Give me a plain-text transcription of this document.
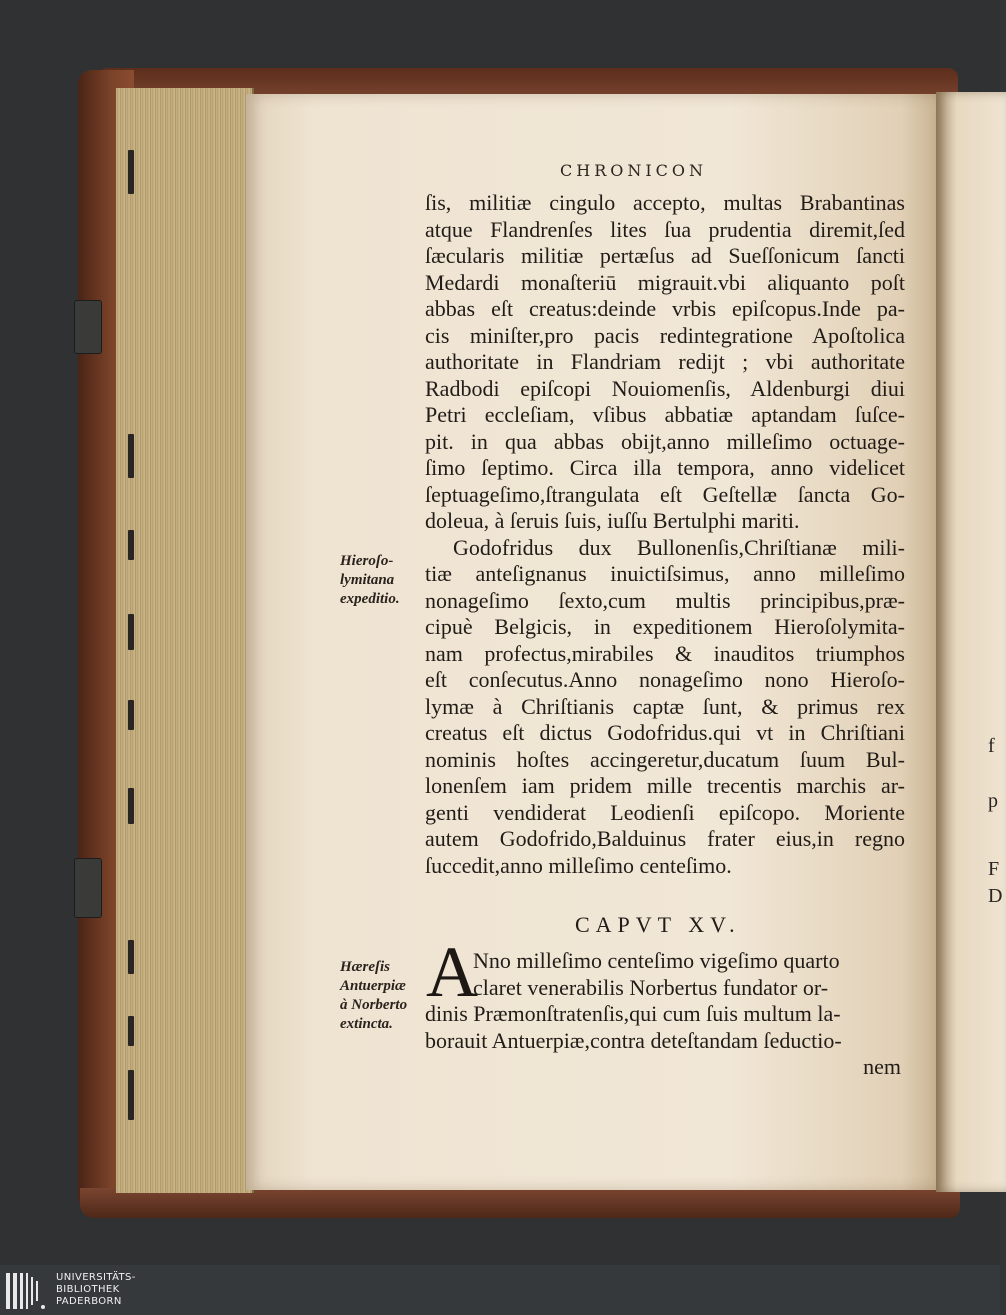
f
p
F
D
CHRONICON
ſis, militiæ cingulo accepto, multas Brabantinas
atque Flandrenſes lites ſua prudentia diremit,ſed
ſæcularis militiæ pertæſus ad Sueſſonicum ſancti
Medardi monaſteriū migrauit.vbi aliquanto poſt
abbas eſt creatus:deinde vrbis epiſcopus.Inde pa-
cis miniſter,pro pacis redintegratione Apoſtolica
authoritate in Flandriam redijt ; vbi authoritate
Radbodi epiſcopi Nouiomenſis, Aldenburgi diui
Petri eccleſiam, vſibus abbatiæ aptandam ſuſce-
pit. in qua abbas obijt,anno milleſimo octuage-
ſimo ſeptimo. Circa illa tempora, anno videlicet
ſeptuageſimo,ſtrangulata eſt Geſtellæ ſancta Go-
doleua, à ſeruis ſuis, iuſſu Bertulphi mariti.
Godofridus dux Bullonenſis,Chriſtianæ mili-
tiæ anteſignanus inuictiſsimus, anno milleſimo
nonageſimo ſexto,cum multis principibus,præ-
cipuè Belgicis, in expeditionem Hieroſolymita-
nam profectus,mirabiles & inauditos triumphos
eſt conſecutus.Anno nonageſimo nono Hieroſo-
lymæ à Chriſtianis captæ ſunt, & primus rex
creatus eſt dictus Godofridus.qui vt in Chriſtiani
nominis hoſtes accingeretur,ducatum ſuum Bul-
lonenſem iam pridem mille trecentis marchis ar-
genti vendiderat Leodienſi epiſcopo. Moriente
autem Godofrido,Balduinus frater eius,in regno
ſuccedit,anno milleſimo centeſimo.
CAPVT XV.
A
Nno milleſimo centeſimo vigeſimo quarto
claret venerabilis Norbertus fundator or-
dinis Præmonſtratenſis,qui cum ſuis multum la-
borauit Antuerpiæ,contra deteſtandam ſeductio-
nem
Hieroſo-
lymitana
expeditio.
Hæreſis
Antuerpiæ
à Norberto
extincta.
UNIVERSITÄTS-
BIBLIOTHEK
PADERBORN
